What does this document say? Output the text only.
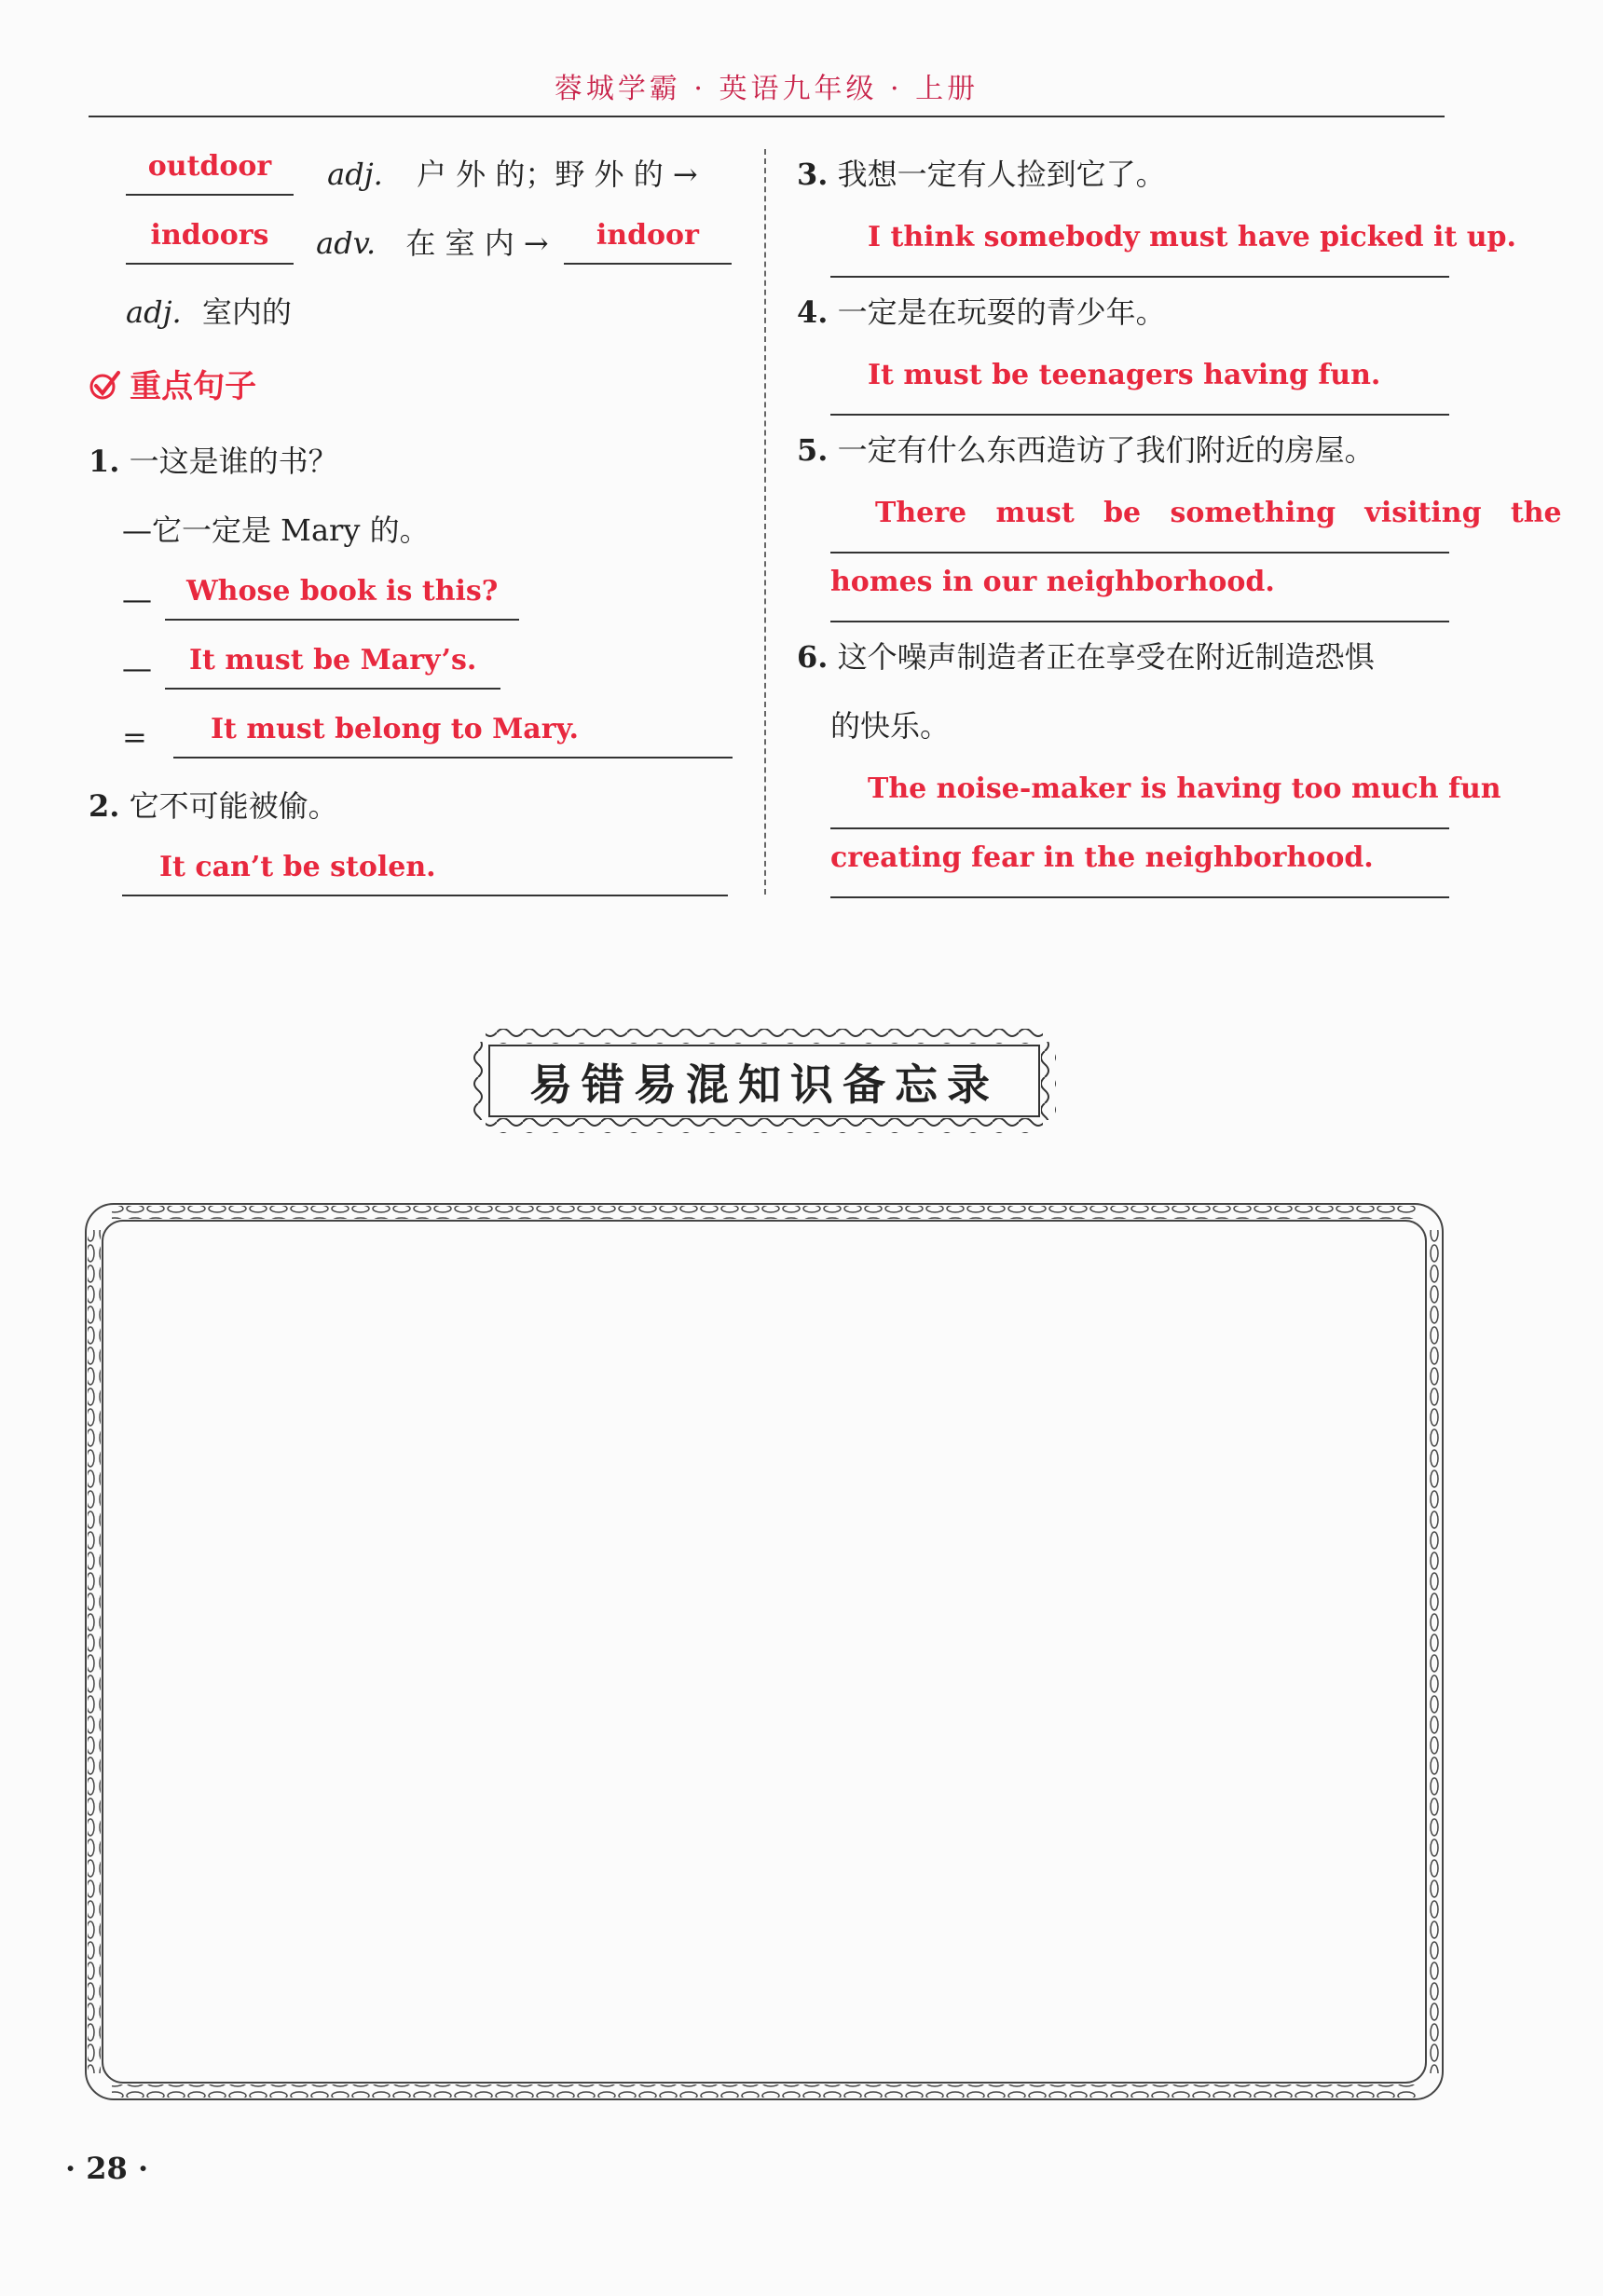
蓉城学霸 · 英语九年级 · 上册
outdoor	adj. 户 外 的；野 外 的 →
indoors	adv. 在 室 内 →	indoor
adj. 室内的
重点句子
1. 一这是谁的书？
—它一定是 Mary 的。
—	Whose book is this?
—	It must be Mary’s.
= It must belong to Mary.
2. 它不可能被偷。
It can’t be stolen.
3. 我想一定有人捡到它了。
I think somebody must have picked it up.
4. 一定是在玩耍的青少年。
It must be teenagers having fun.
5. 一定有什么东西造访了我们附近的房屋。
There   must   be   something   visiting   the
homes in our neighborhood.
6. 这个噪声制造者正在享受在附近制造恐惧
的快乐。
The noise-maker is having too much fun
creating fear in the neighborhood.
易错易混知识备忘录
· 28 ·
